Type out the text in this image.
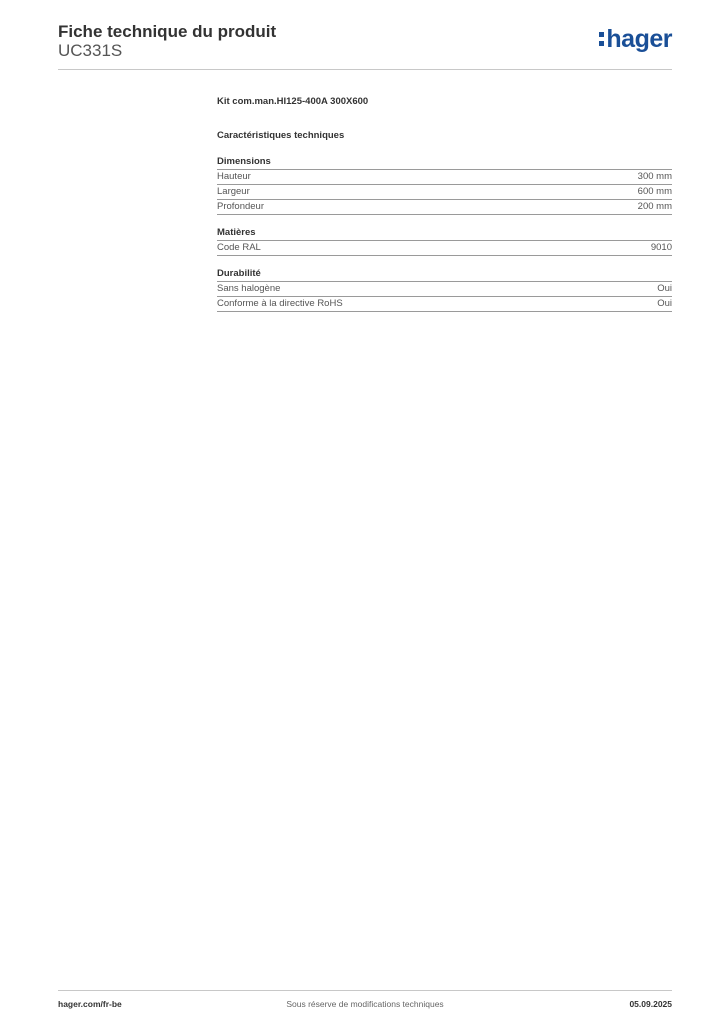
Fiche technique du produit
UC331S	hager
Kit com.man.HI125-400A 300X600
Caractéristiques techniques
Dimensions
Hauteur	300 mm
Largeur	600 mm
Profondeur	200 mm
Matières
Code RAL	9010
Durabilité
Sans halogène	Oui
Conforme à la directive RoHS	Oui
hager.com/fr-be	Sous réserve de modifications techniques	05.09.2025
